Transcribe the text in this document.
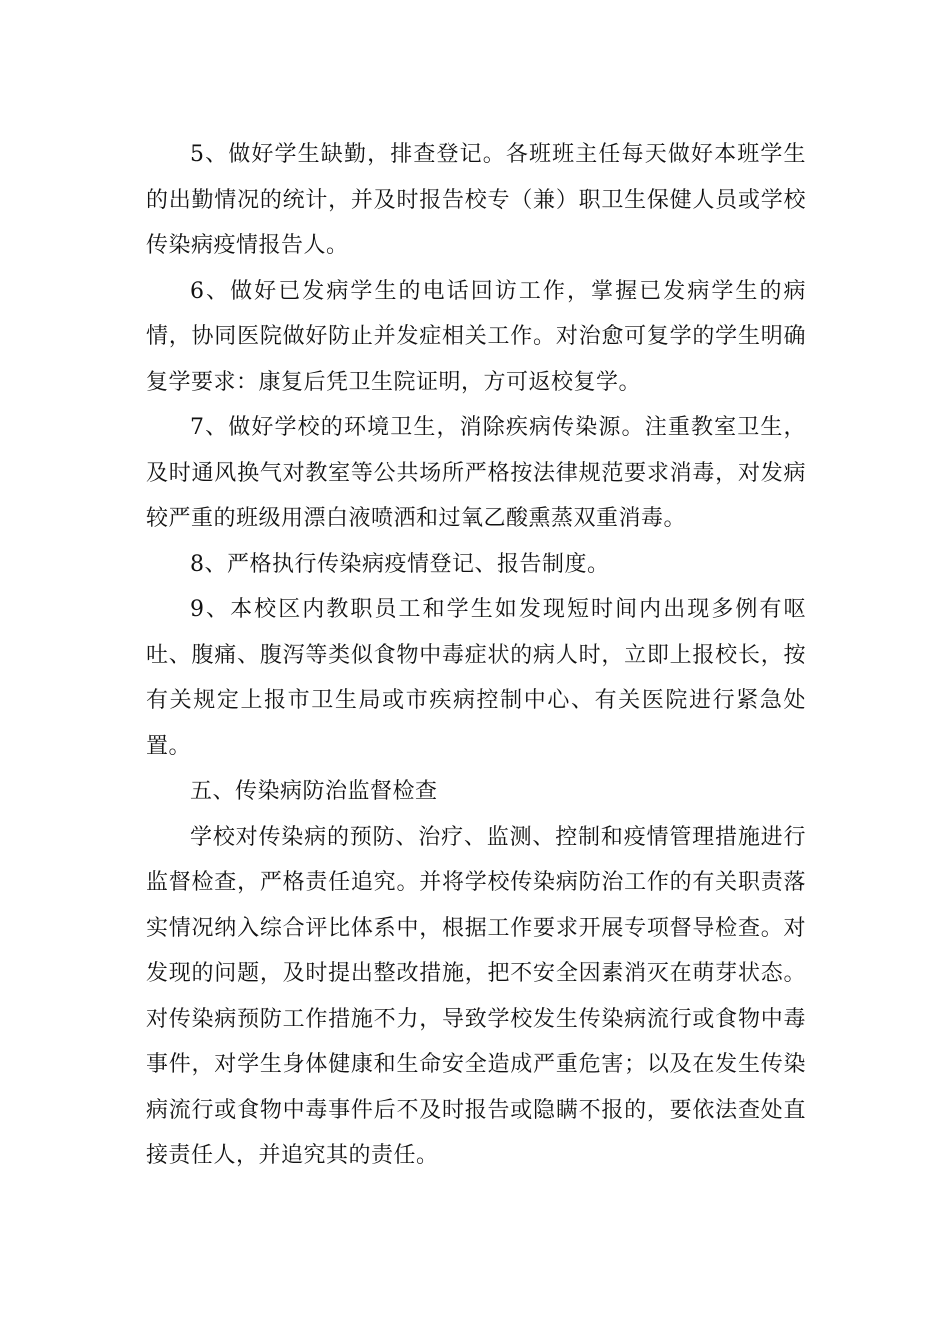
5、做好学生缺勤，排查登记。各班班主任每天做好本班学生的出勤情况的统计，并及时报告校专（兼）职卫生保健人员或学校传染病疫情报告人。

6、做好已发病学生的电话回访工作，掌握已发病学生的病情，协同医院做好防止并发症相关工作。对治愈可复学的学生明确复学要求：康复后凭卫生院证明，方可返校复学。

7、做好学校的环境卫生，消除疾病传染源。注重教室卫生，及时通风换气对教室等公共场所严格按法律规范要求消毒，对发病较严重的班级用漂白液喷洒和过氧乙酸熏蒸双重消毒。

8、严格执行传染病疫情登记、报告制度。

9、本校区内教职员工和学生如发现短时间内出现多例有呕吐、腹痛、腹泻等类似食物中毒症状的病人时，立即上报校长，按有关规定上报市卫生局或市疾病控制中心、有关医院进行紧急处置。

五、传染病防治监督检查

学校对传染病的预防、治疗、监测、控制和疫情管理措施进行监督检查，严格责任追究。并将学校传染病防治工作的有关职责落实情况纳入综合评比体系中，根据工作要求开展专项督导检查。对发现的问题，及时提出整改措施，把不安全因素消灭在萌芽状态。对传染病预防工作措施不力，导致学校发生传染病流行或食物中毒事件，对学生身体健康和生命安全造成严重危害；以及在发生传染病流行或食物中毒事件后不及时报告或隐瞒不报的，要依法查处直接责任人，并追究其的责任。
